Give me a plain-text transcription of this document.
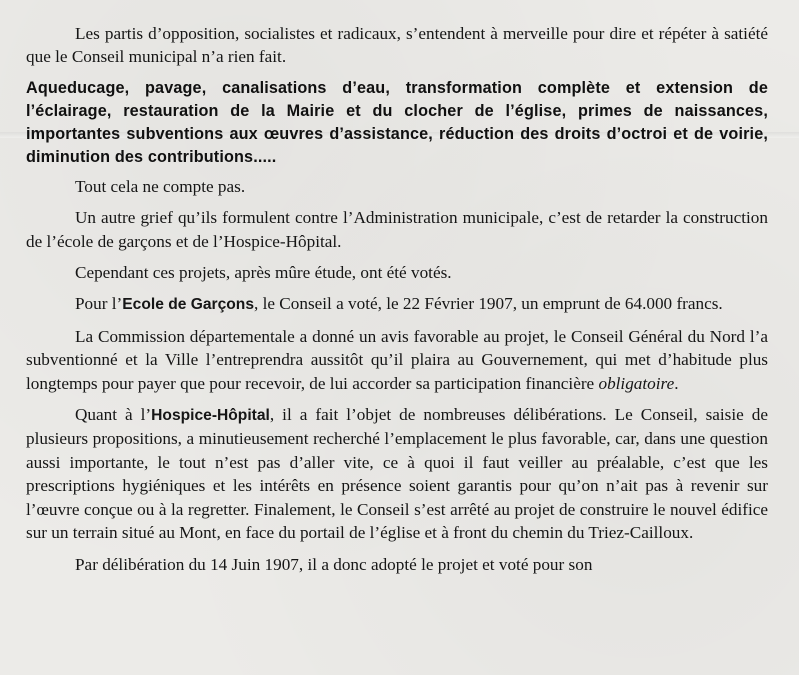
Les partis d’opposition, socialistes et radicaux, s’entendent à merveille pour dire et répéter à satiété que le Conseil municipal n’a rien fait.

Aqueducage, pavage, canalisations d’eau, transformation complète et extension de l’éclairage, restauration de la Mairie et du clocher de l’église, primes de naissances, importantes subventions aux œuvres d’assistance, réduction des droits d’octroi et de voirie, diminution des contributions.....

Tout cela ne compte pas.

Un autre grief qu’ils formulent contre l’Administration municipale, c’est de retarder la construction de l’école de garçons et de l’Hospice-Hôpital.

Cependant ces projets, après mûre étude, ont été votés.

Pour l’Ecole de Garçons, le Conseil a voté, le 22 Février 1907, un emprunt de 64.000 francs.

La Commission départementale a donné un avis favorable au projet, le Conseil Général du Nord l’a subventionné et la Ville l’entreprendra aussitôt qu’il plaira au Gouvernement, qui met d’habitude plus longtemps pour payer que pour recevoir, de lui accorder sa participation financière obligatoire.

Quant à l’Hospice-Hôpital, il a fait l’objet de nombreuses délibérations. Le Conseil, saisie de plusieurs propositions, a minutieusement recherché l’emplacement le plus favorable, car, dans une question aussi importante, le tout n’est pas d’aller vite, ce à quoi il faut veiller au préalable, c’est que les prescriptions hygiéniques et les intérêts en présence soient garantis pour qu’on n’ait pas à revenir sur l’œuvre conçue ou à la regretter. Finalement, le Conseil s’est arrêté au projet de construire le nouvel édifice sur un terrain situé au Mont, en face du portail de l’église et à front du chemin du Triez-Cailloux.

Par délibération du 14 Juin 1907, il a donc adopté le projet et voté pour son
